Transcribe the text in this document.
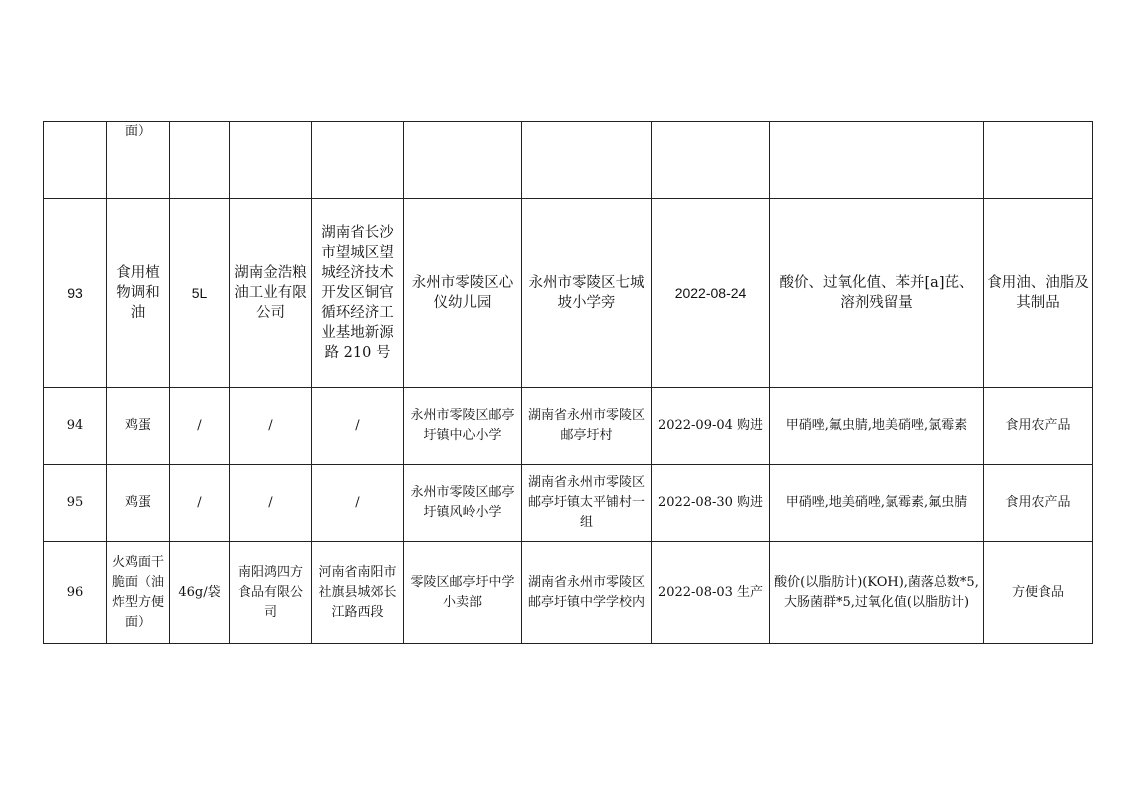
	面）								
93	食用植物调和油	5L	湖南金浩粮油工业有限公司	湖南省长沙市望城区望城经济技术开发区铜官循环经济工业基地新源路 210 号	永州市零陵区心仪幼儿园	永州市零陵区七城坡小学旁	2022-08-24	酸价、过氧化值、苯并[a]芘、溶剂残留量	食用油、油脂及其制品
94	鸡蛋	/	/	/	永州市零陵区邮亭圩镇中心小学	湖南省永州市零陵区邮亭圩村	2022-09-04 购进	甲硝唑,氟虫腈,地美硝唑,氯霉素	食用农产品
95	鸡蛋	/	/	/	永州市零陵区邮亭圩镇风岭小学	湖南省永州市零陵区邮亭圩镇太平铺村一组	2022-08-30 购进	甲硝唑,地美硝唑,氯霉素,氟虫腈	食用农产品
96	火鸡面干脆面（油炸型方便面）	46g/袋	南阳鸿四方食品有限公司	河南省南阳市社旗县城郊长江路西段	零陵区邮亭圩中学小卖部	湖南省永州市零陵区邮亭圩镇中学学校内	2022-08-03 生产	酸价(以脂肪计)(KOH),菌落总数*5,大肠菌群*5,过氧化值(以脂肪计)	方便食品
